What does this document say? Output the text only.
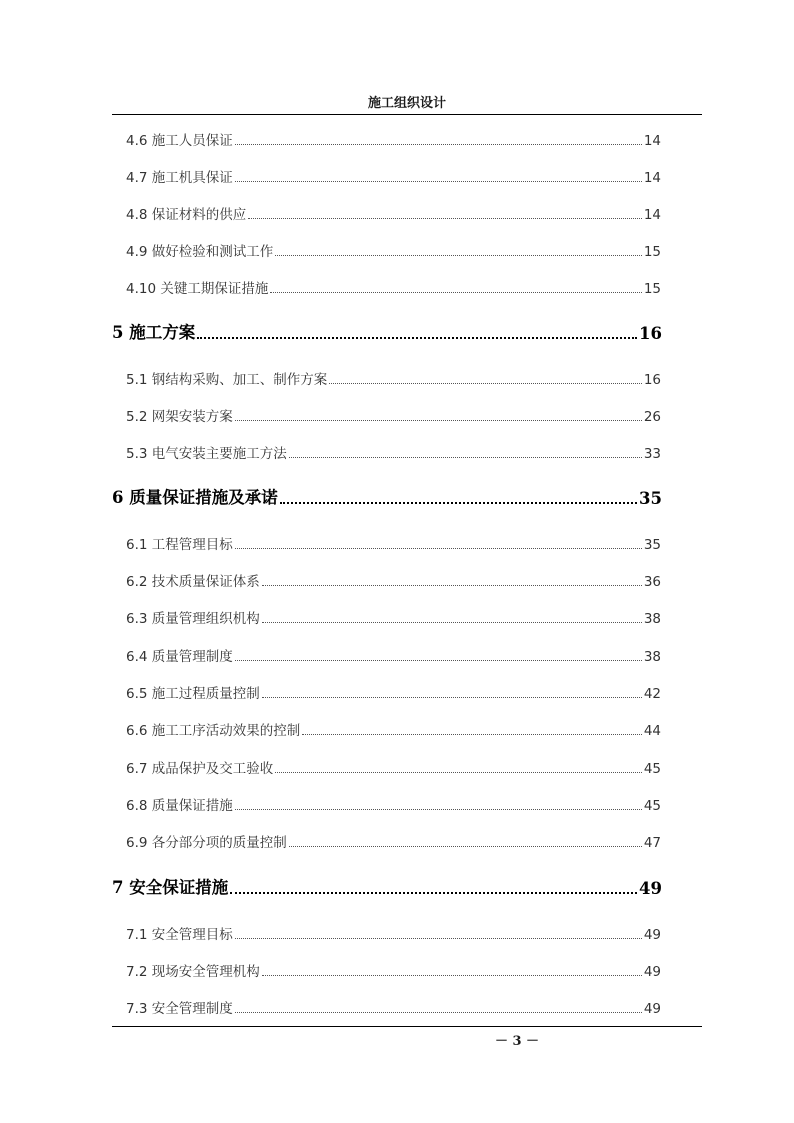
施工组织设计
4.6 施工人员保证	14
4.7 施工机具保证	14
4.8 保证材料的供应	14
4.9 做好检验和测试工作	15
4.10 关键工期保证措施	15
5 施工方案	16
5.1 钢结构采购、加工、制作方案	16
5.2 网架安装方案	26
5.3 电气安装主要施工方法	33
6 质量保证措施及承诺	35
6.1 工程管理目标	35
6.2 技术质量保证体系	36
6.3 质量管理组织机构	38
6.4 质量管理制度	38
6.5 施工过程质量控制	42
6.6 施工工序活动效果的控制	44
6.7 成品保护及交工验收	45
6.8 质量保证措施	45
6.9 各分部分项的质量控制	47
7 安全保证措施	49
7.1 安全管理目标	49
7.2 现场安全管理机构	49
7.3 安全管理制度	49
－ 3 －
